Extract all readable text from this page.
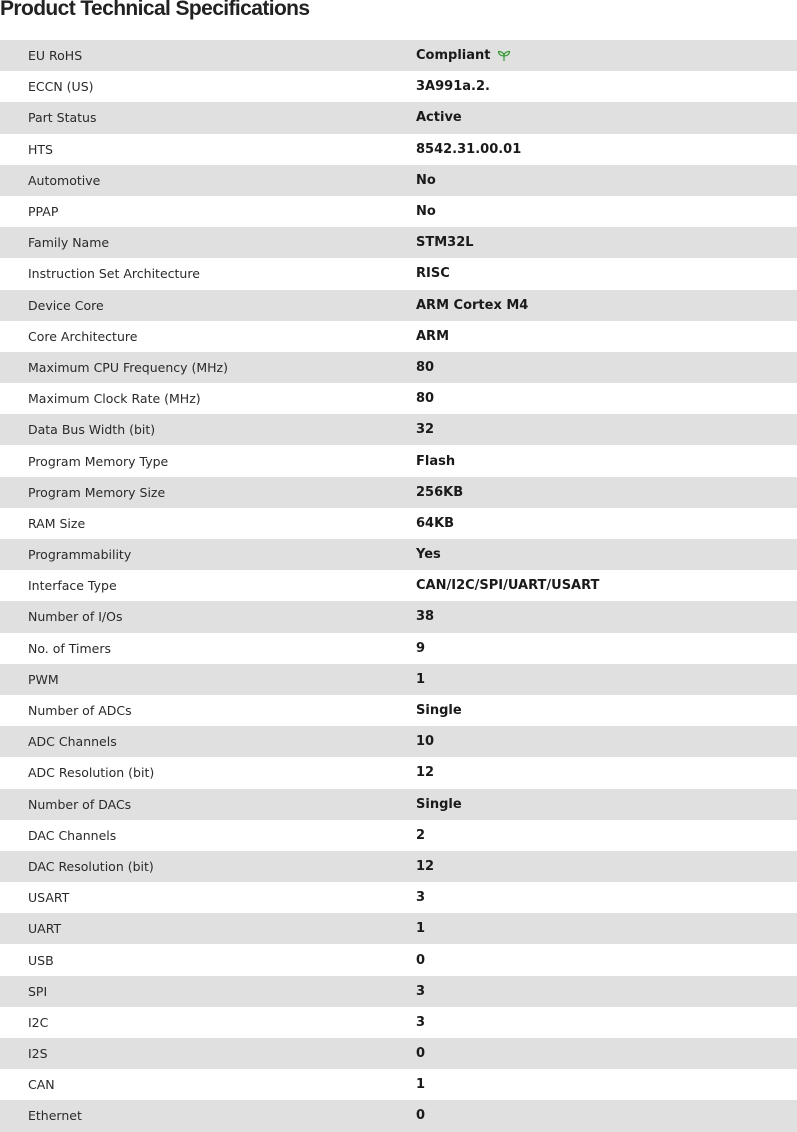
Product Technical Specifications
EU RoHS	Compliant
ECCN (US)	3A991a.2.
Part Status	Active
HTS	8542.31.00.01
Automotive	No
PPAP	No
Family Name	STM32L
Instruction Set Architecture	RISC
Device Core	ARM Cortex M4
Core Architecture	ARM
Maximum CPU Frequency (MHz)	80
Maximum Clock Rate (MHz)	80
Data Bus Width (bit)	32
Program Memory Type	Flash
Program Memory Size	256KB
RAM Size	64KB
Programmability	Yes
Interface Type	CAN/I2C/SPI/UART/USART
Number of I/Os	38
No. of Timers	9
PWM	1
Number of ADCs	Single
ADC Channels	10
ADC Resolution (bit)	12
Number of DACs	Single
DAC Channels	2
DAC Resolution (bit)	12
USART	3
UART	1
USB	0
SPI	3
I2C	3
I2S	0
CAN	1
Ethernet	0
